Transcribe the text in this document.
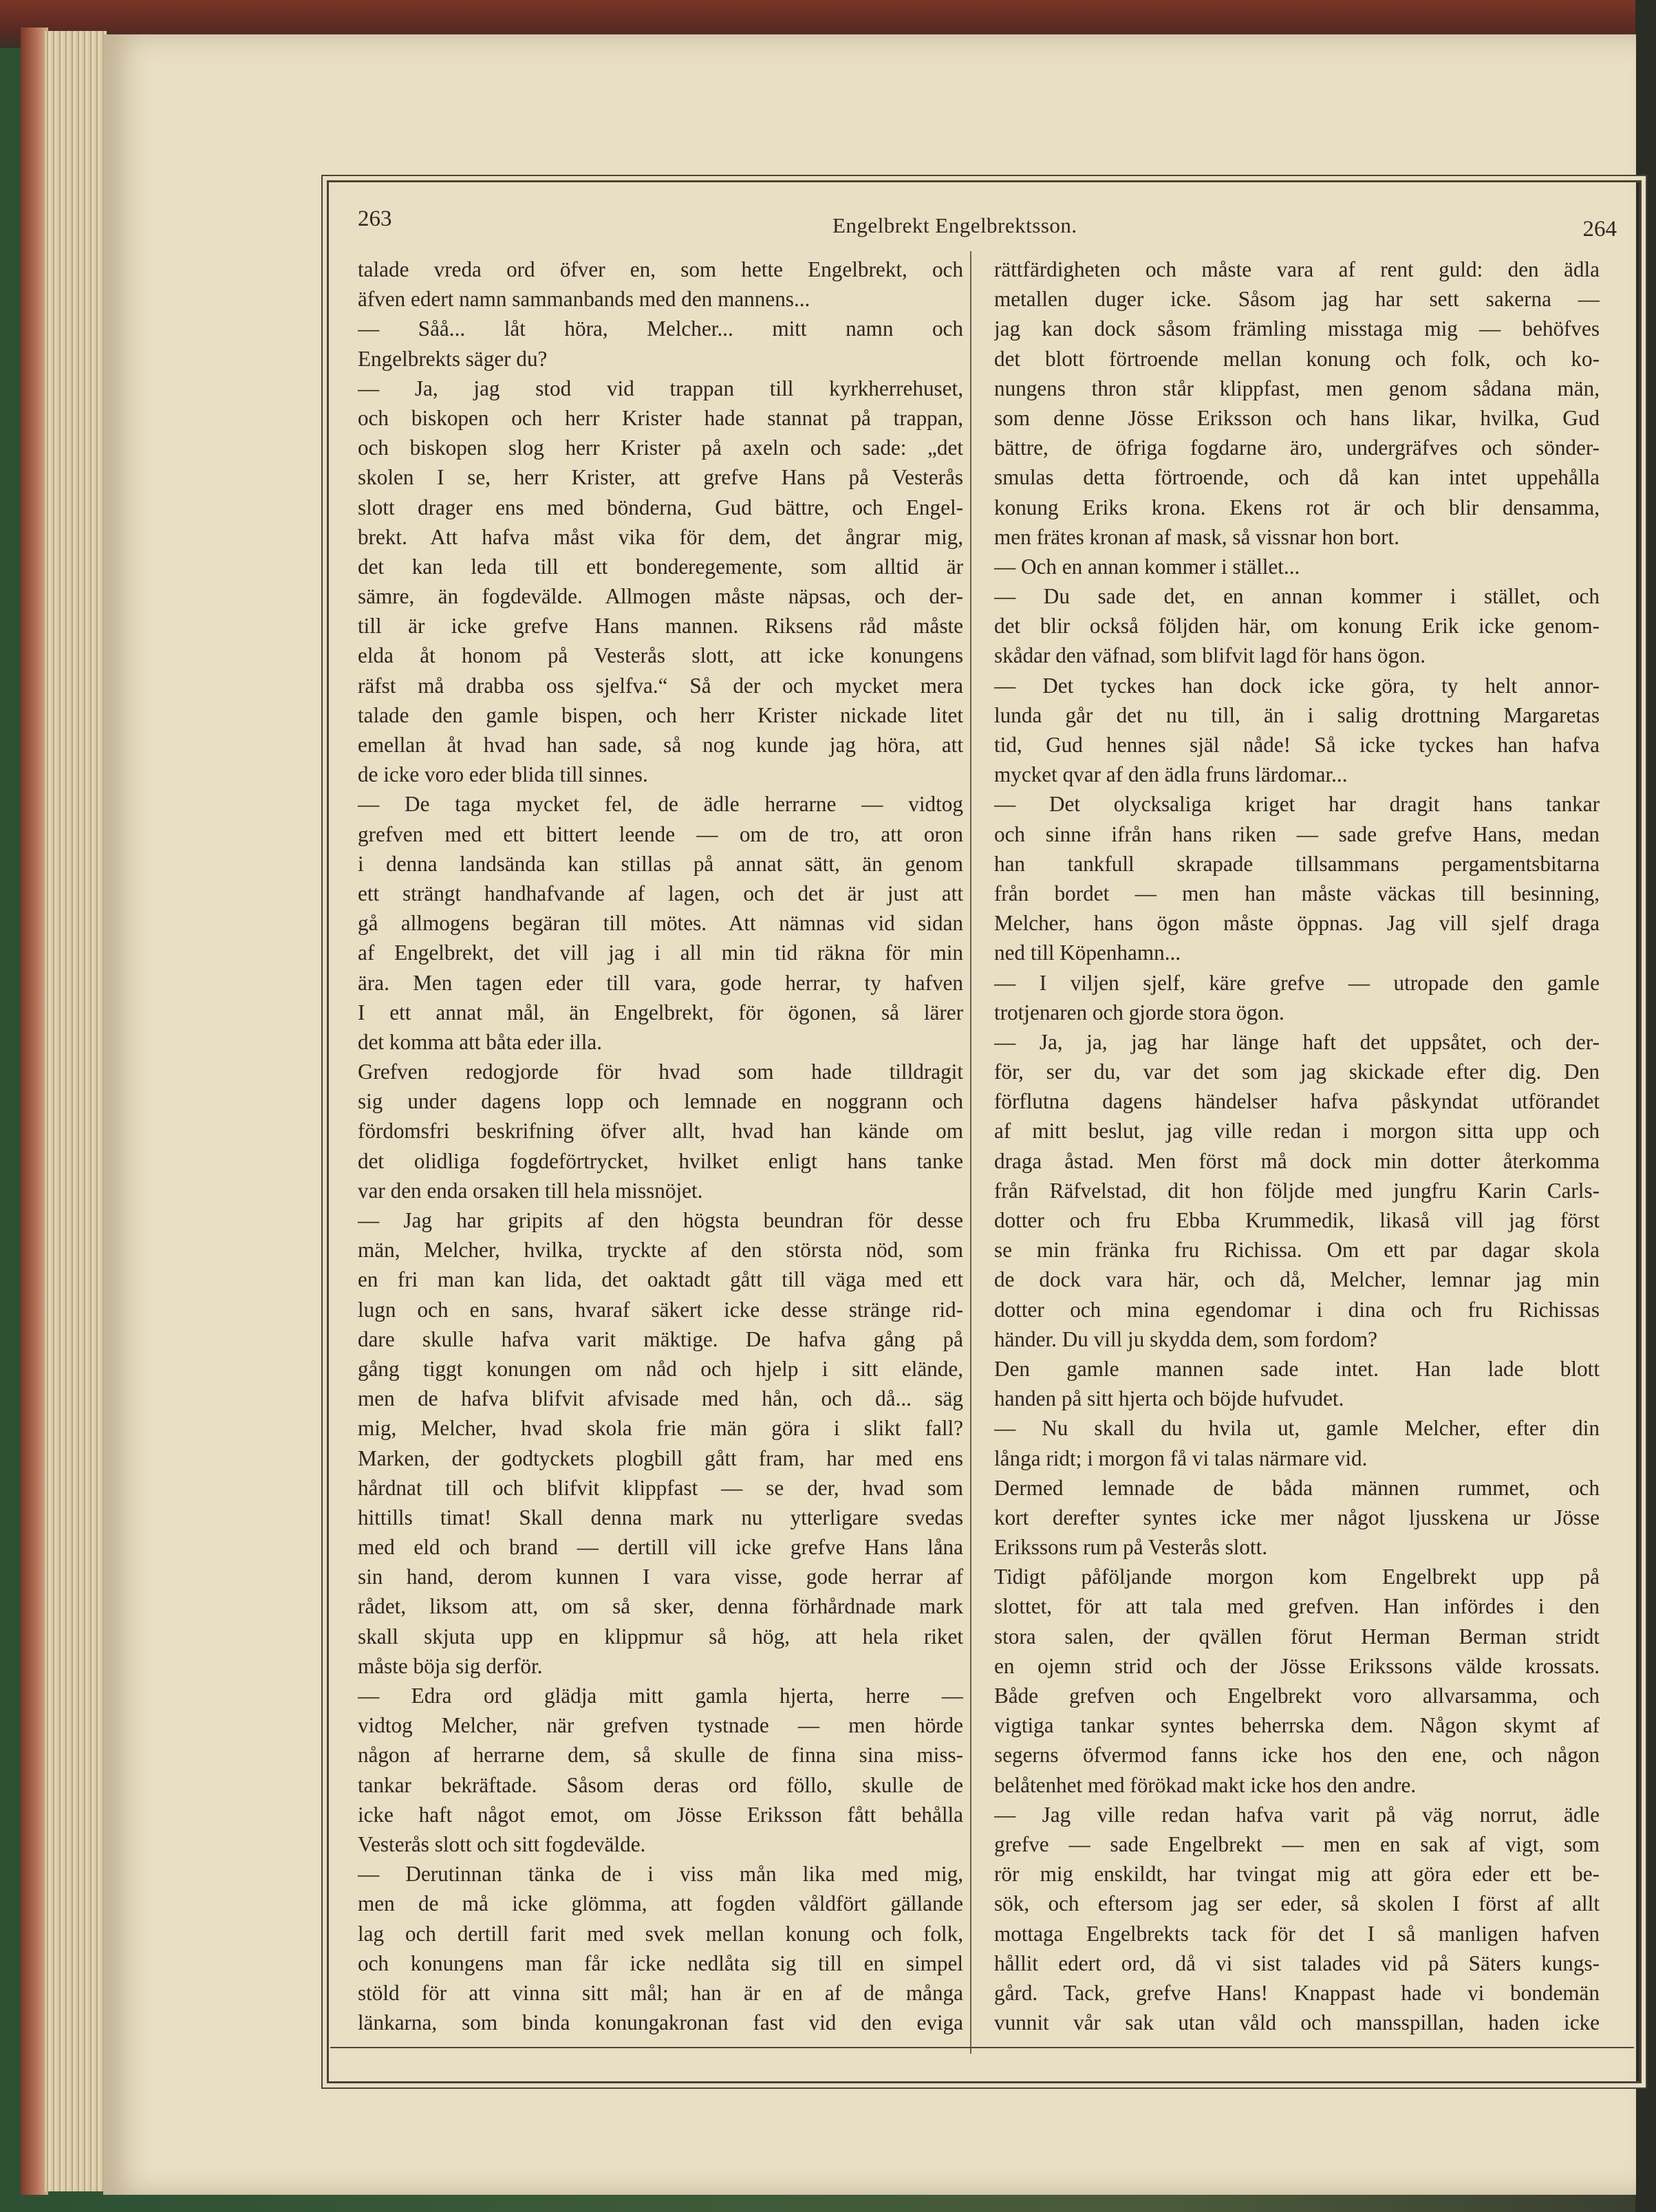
263	Engelbrekt Engelbrektsson.	264
talade vreda ord öfver en, som hette Engelbrekt, och
äfven edert namn sammanbands med den mannens...
— Såå... låt höra, Melcher... mitt namn och
Engelbrekts säger du?
— Ja, jag stod vid trappan till kyrkherrehuset,
och biskopen och herr Krister hade stannat på trappan,
och biskopen slog herr Krister på axeln och sade: „det
skolen I se, herr Krister, att grefve Hans på Vesterås
slott drager ens med bönderna, Gud bättre, och Engel-
brekt. Att hafva måst vika för dem, det ångrar mig,
det kan leda till ett bonderegemente, som alltid är
sämre, än fogdevälde. Allmogen måste näpsas, och der-
till är icke grefve Hans mannen. Riksens råd måste
elda åt honom på Vesterås slott, att icke konungens
räfst må drabba oss sjelfva.“ Så der och mycket mera
talade den gamle bispen, och herr Krister nickade litet
emellan åt hvad han sade, så nog kunde jag höra, att
de icke voro eder blida till sinnes.
— De taga mycket fel, de ädle herrarne — vidtog
grefven med ett bittert leende — om de tro, att oron
i denna landsända kan stillas på annat sätt, än genom
ett strängt handhafvande af lagen, och det är just att
gå allmogens begäran till mötes. Att nämnas vid sidan
af Engelbrekt, det vill jag i all min tid räkna för min
ära. Men tagen eder till vara, gode herrar, ty hafven
I ett annat mål, än Engelbrekt, för ögonen, så lärer
det komma att båta eder illa.
Grefven redogjorde för hvad som hade tilldragit
sig under dagens lopp och lemnade en noggrann och
fördomsfri beskrifning öfver allt, hvad han kände om
det olidliga fogdeförtrycket, hvilket enligt hans tanke
var den enda orsaken till hela missnöjet.
— Jag har gripits af den högsta beundran för desse
män, Melcher, hvilka, tryckte af den största nöd, som
en fri man kan lida, det oaktadt gått till väga med ett
lugn och en sans, hvaraf säkert icke desse stränge rid-
dare skulle hafva varit mäktige. De hafva gång på
gång tiggt konungen om nåd och hjelp i sitt elände,
men de hafva blifvit afvisade med hån, och då... säg
mig, Melcher, hvad skola frie män göra i slikt fall?
Marken, der godtyckets plogbill gått fram, har med ens
hårdnat till och blifvit klippfast — se der, hvad som
hittills timat! Skall denna mark nu ytterligare svedas
med eld och brand — dertill vill icke grefve Hans låna
sin hand, derom kunnen I vara visse, gode herrar af
rådet, liksom att, om så sker, denna förhårdnade mark
skall skjuta upp en klippmur så hög, att hela riket
måste böja sig derför.
— Edra ord glädja mitt gamla hjerta, herre —
vidtog Melcher, när grefven tystnade — men hörde
någon af herrarne dem, så skulle de finna sina miss-
tankar bekräftade. Såsom deras ord föllo, skulle de
icke haft något emot, om Jösse Eriksson fått behålla
Vesterås slott och sitt fogdevälde.
— Derutinnan tänka de i viss mån lika med mig,
men de må icke glömma, att fogden våldfört gällande
lag och dertill farit med svek mellan konung och folk,
och konungens man får icke nedlåta sig till en simpel
stöld för att vinna sitt mål; han är en af de många
länkarna, som binda konungakronan fast vid den eviga
rättfärdigheten och måste vara af rent guld: den ädla
metallen duger icke. Såsom jag har sett sakerna —
jag kan dock såsom främling misstaga mig — behöfves
det blott förtroende mellan konung och folk, och ko-
nungens thron står klippfast, men genom sådana män,
som denne Jösse Eriksson och hans likar, hvilka, Gud
bättre, de öfriga fogdarne äro, undergräfves och sönder-
smulas detta förtroende, och då kan intet uppehålla
konung Eriks krona. Ekens rot är och blir densamma,
men frätes kronan af mask, så vissnar hon bort.
— Och en annan kommer i stället...
— Du sade det, en annan kommer i stället, och
det blir också följden här, om konung Erik icke genom-
skådar den väfnad, som blifvit lagd för hans ögon.
— Det tyckes han dock icke göra, ty helt annor-
lunda går det nu till, än i salig drottning Margaretas
tid, Gud hennes själ nåde! Så icke tyckes han hafva
mycket qvar af den ädla fruns lärdomar...
— Det olycksaliga kriget har dragit hans tankar
och sinne ifrån hans riken — sade grefve Hans, medan
han tankfull skrapade tillsammans pergamentsbitarna
från bordet — men han måste väckas till besinning,
Melcher, hans ögon måste öppnas. Jag vill sjelf draga
ned till Köpenhamn...
— I viljen sjelf, käre grefve — utropade den gamle
trotjenaren och gjorde stora ögon.
— Ja, ja, jag har länge haft det uppsåtet, och der-
för, ser du, var det som jag skickade efter dig. Den
förflutna dagens händelser hafva påskyndat utförandet
af mitt beslut, jag ville redan i morgon sitta upp och
draga åstad. Men först må dock min dotter återkomma
från Räfvelstad, dit hon följde med jungfru Karin Carls-
dotter och fru Ebba Krummedik, likaså vill jag först
se min fränka fru Richissa. Om ett par dagar skola
de dock vara här, och då, Melcher, lemnar jag min
dotter och mina egendomar i dina och fru Richissas
händer. Du vill ju skydda dem, som fordom?
Den gamle mannen sade intet. Han lade blott
handen på sitt hjerta och böjde hufvudet.
— Nu skall du hvila ut, gamle Melcher, efter din
långa ridt; i morgon få vi talas närmare vid.
Dermed lemnade de båda männen rummet, och
kort derefter syntes icke mer något ljusskena ur Jösse
Erikssons rum på Vesterås slott.
Tidigt påföljande morgon kom Engelbrekt upp på
slottet, för att tala med grefven. Han infördes i den
stora salen, der qvällen förut Herman Berman stridt
en ojemn strid och der Jösse Erikssons välde krossats.
Både grefven och Engelbrekt voro allvarsamma, och
vigtiga tankar syntes beherrska dem. Någon skymt af
segerns öfvermod fanns icke hos den ene, och någon
belåtenhet med förökad makt icke hos den andre.
— Jag ville redan hafva varit på väg norrut, ädle
grefve — sade Engelbrekt — men en sak af vigt, som
rör mig enskildt, har tvingat mig att göra eder ett be-
sök, och eftersom jag ser eder, så skolen I först af allt
mottaga Engelbrekts tack för det I så manligen hafven
hållit edert ord, då vi sist talades vid på Säters kungs-
gård. Tack, grefve Hans! Knappast hade vi bondemän
vunnit vår sak utan våld och mansspillan, haden icke
